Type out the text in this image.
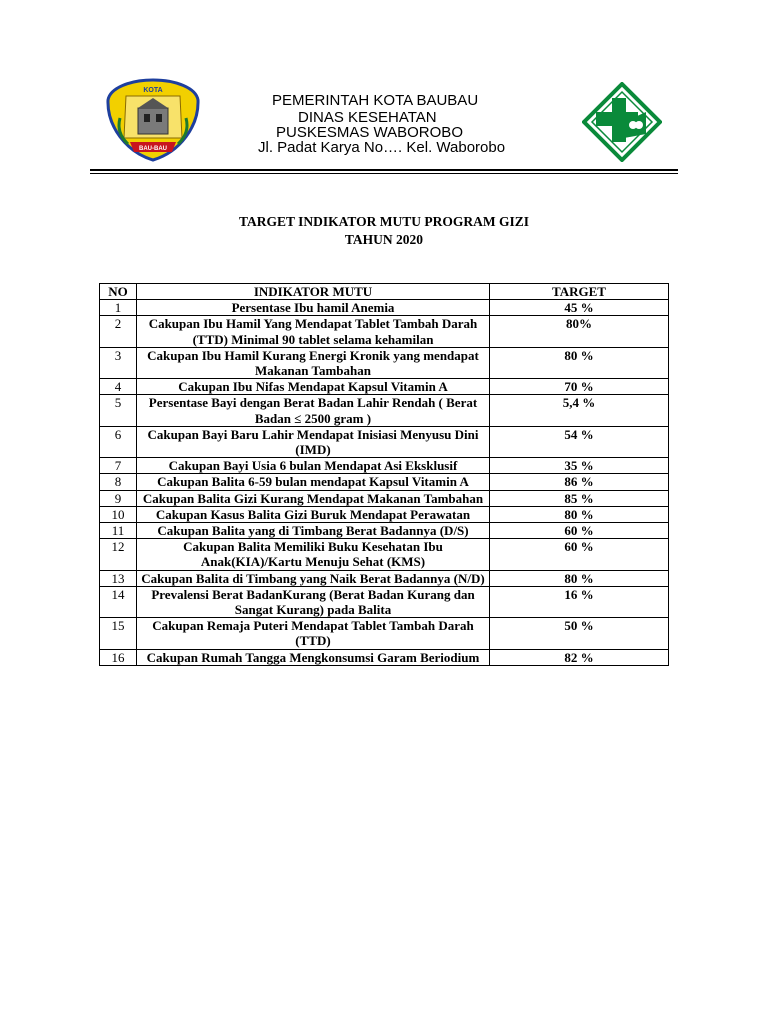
KOTA
BAU-BAU
PEMERINTAH KOTA BAUBAU
DINAS KESEHATAN
PUSKESMAS WABOROBO
Jl. Padat Karya No…. Kel. Waborobo
TARGET INDIKATOR MUTU PROGRAM GIZI
TAHUN 2020
NO	INDIKATOR MUTU	TARGET
1	Persentase Ibu hamil Anemia	45 %
2	Cakupan Ibu Hamil Yang Mendapat Tablet Tambah Darah (TTD) Minimal 90 tablet selama kehamilan	80%
3	Cakupan Ibu Hamil Kurang Energi Kronik yang mendapat Makanan Tambahan	80 %
4	Cakupan Ibu Nifas Mendapat Kapsul Vitamin A	70 %
5	Persentase Bayi dengan Berat Badan Lahir Rendah ( Berat Badan ≤ 2500 gram )	5,4 %
6	Cakupan Bayi Baru Lahir Mendapat Inisiasi Menyusu Dini (IMD)	54 %
7	Cakupan Bayi Usia 6 bulan Mendapat Asi Eksklusif	35 %
8	Cakupan Balita 6-59 bulan mendapat Kapsul Vitamin A	86 %
9	Cakupan Balita Gizi Kurang Mendapat Makanan Tambahan	85 %
10	Cakupan Kasus Balita Gizi Buruk Mendapat Perawatan	80 %
11	Cakupan Balita yang di Timbang Berat Badannya (D/S)	60 %
12	Cakupan Balita Memiliki Buku Kesehatan Ibu Anak(KIA)/Kartu Menuju Sehat (KMS)	60 %
13	Cakupan Balita di Timbang yang Naik Berat Badannya (N/D)	80 %
14	Prevalensi Berat BadanKurang (Berat Badan Kurang dan Sangat Kurang) pada Balita	16 %
15	Cakupan Remaja Puteri Mendapat Tablet Tambah Darah (TTD)	50 %
16	Cakupan Rumah Tangga Mengkonsumsi Garam Beriodium	82 %
